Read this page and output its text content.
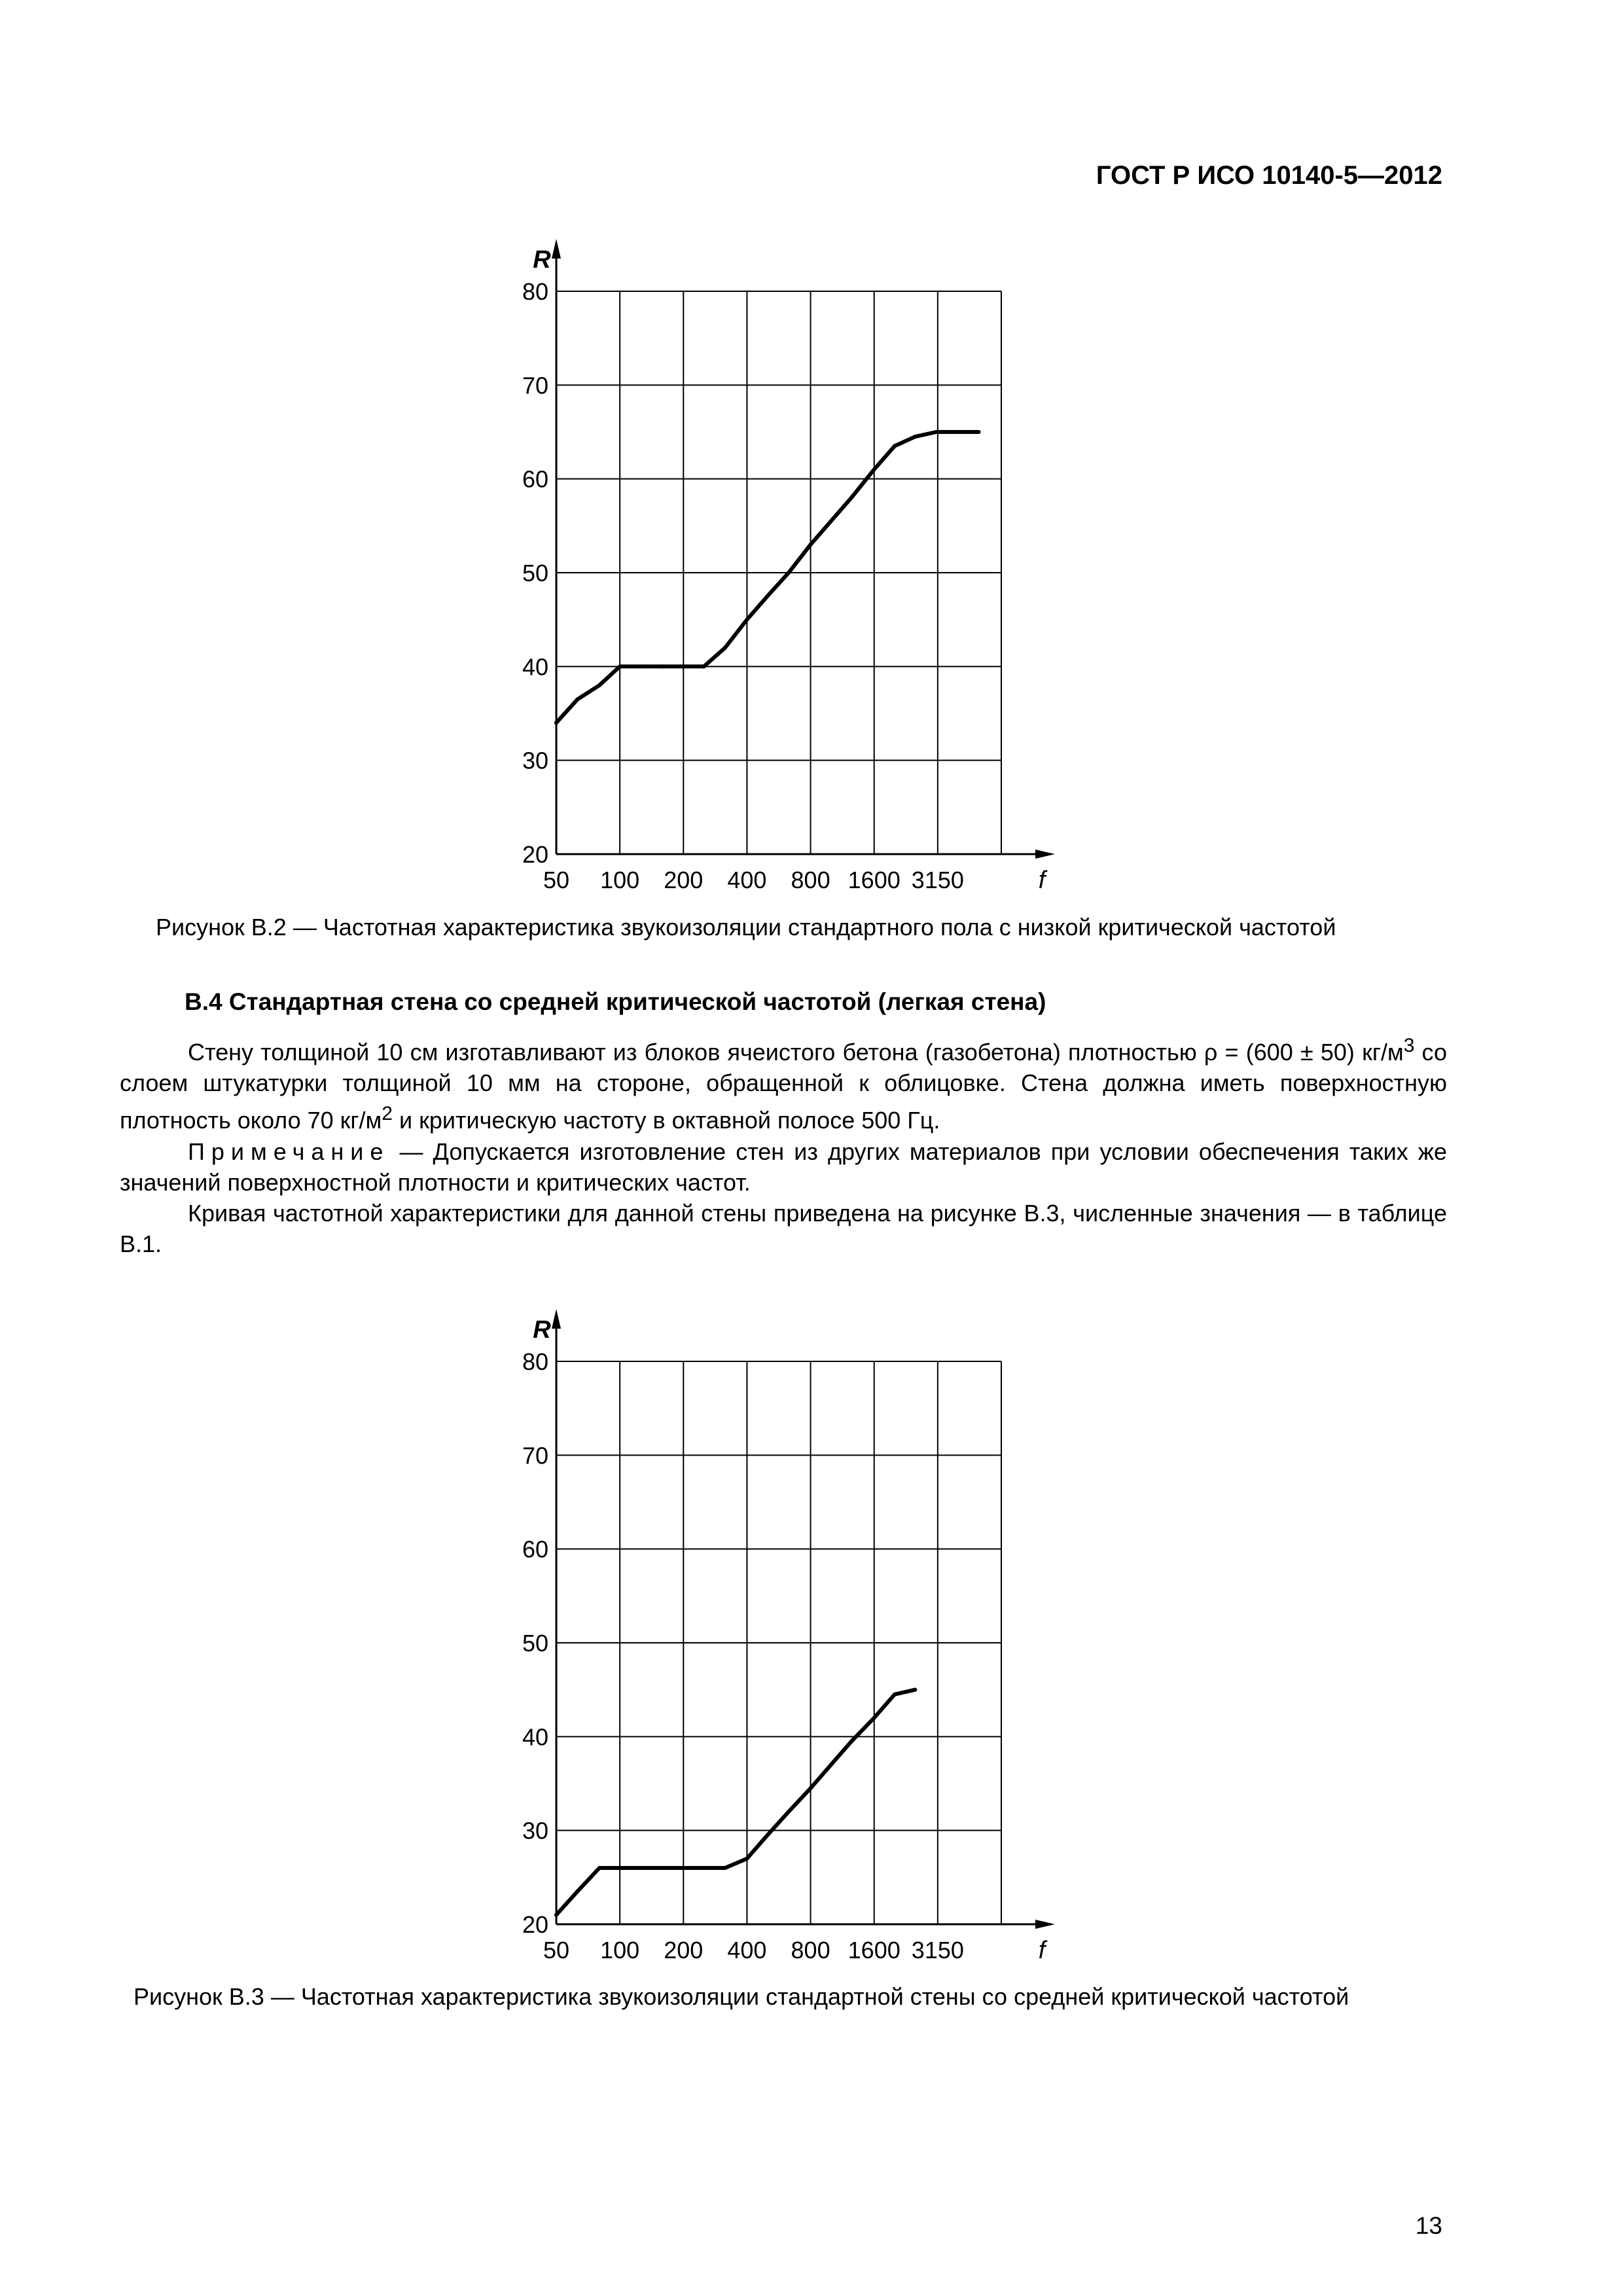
ГОСТ Р ИСО 10140-5—2012
20
30
40
50
60
70
80
50 100 200 400 800 1600 3150
R
f
Рисунок В.2 — Частотная характеристика звукоизоляции стандартного пола с низкой критической частотой
В.4 Стандартная стена со средней критической частотой (легкая стена)

Стену толщиной 10 см изготавливают из блоков ячеистого бетона (газобетона) плотностью ρ = (600 ± 50) $кг/м^3$ со слоем штукатурки толщиной 10 мм на стороне, обращенной к облицовке. Стена должна иметь поверхностную плотность около 70 $кг/м^2$ и критическую частоту в октавной полосе 500 Гц.

Примечание — Допускается изготовление стен из других материалов при условии обеспечения таких же значений поверхностной плотности и критических частот.

Кривая частотной характеристики для данной стены приведена на рисунке В.3, численные значения — в таблице В.1.

20
30
40
50
60
70
80
50 100 200 400 800 1600 3150
R
f
Рисунок В.3 — Частотная характеристика звукоизоляции стандартной стены со средней критической частотой
13
